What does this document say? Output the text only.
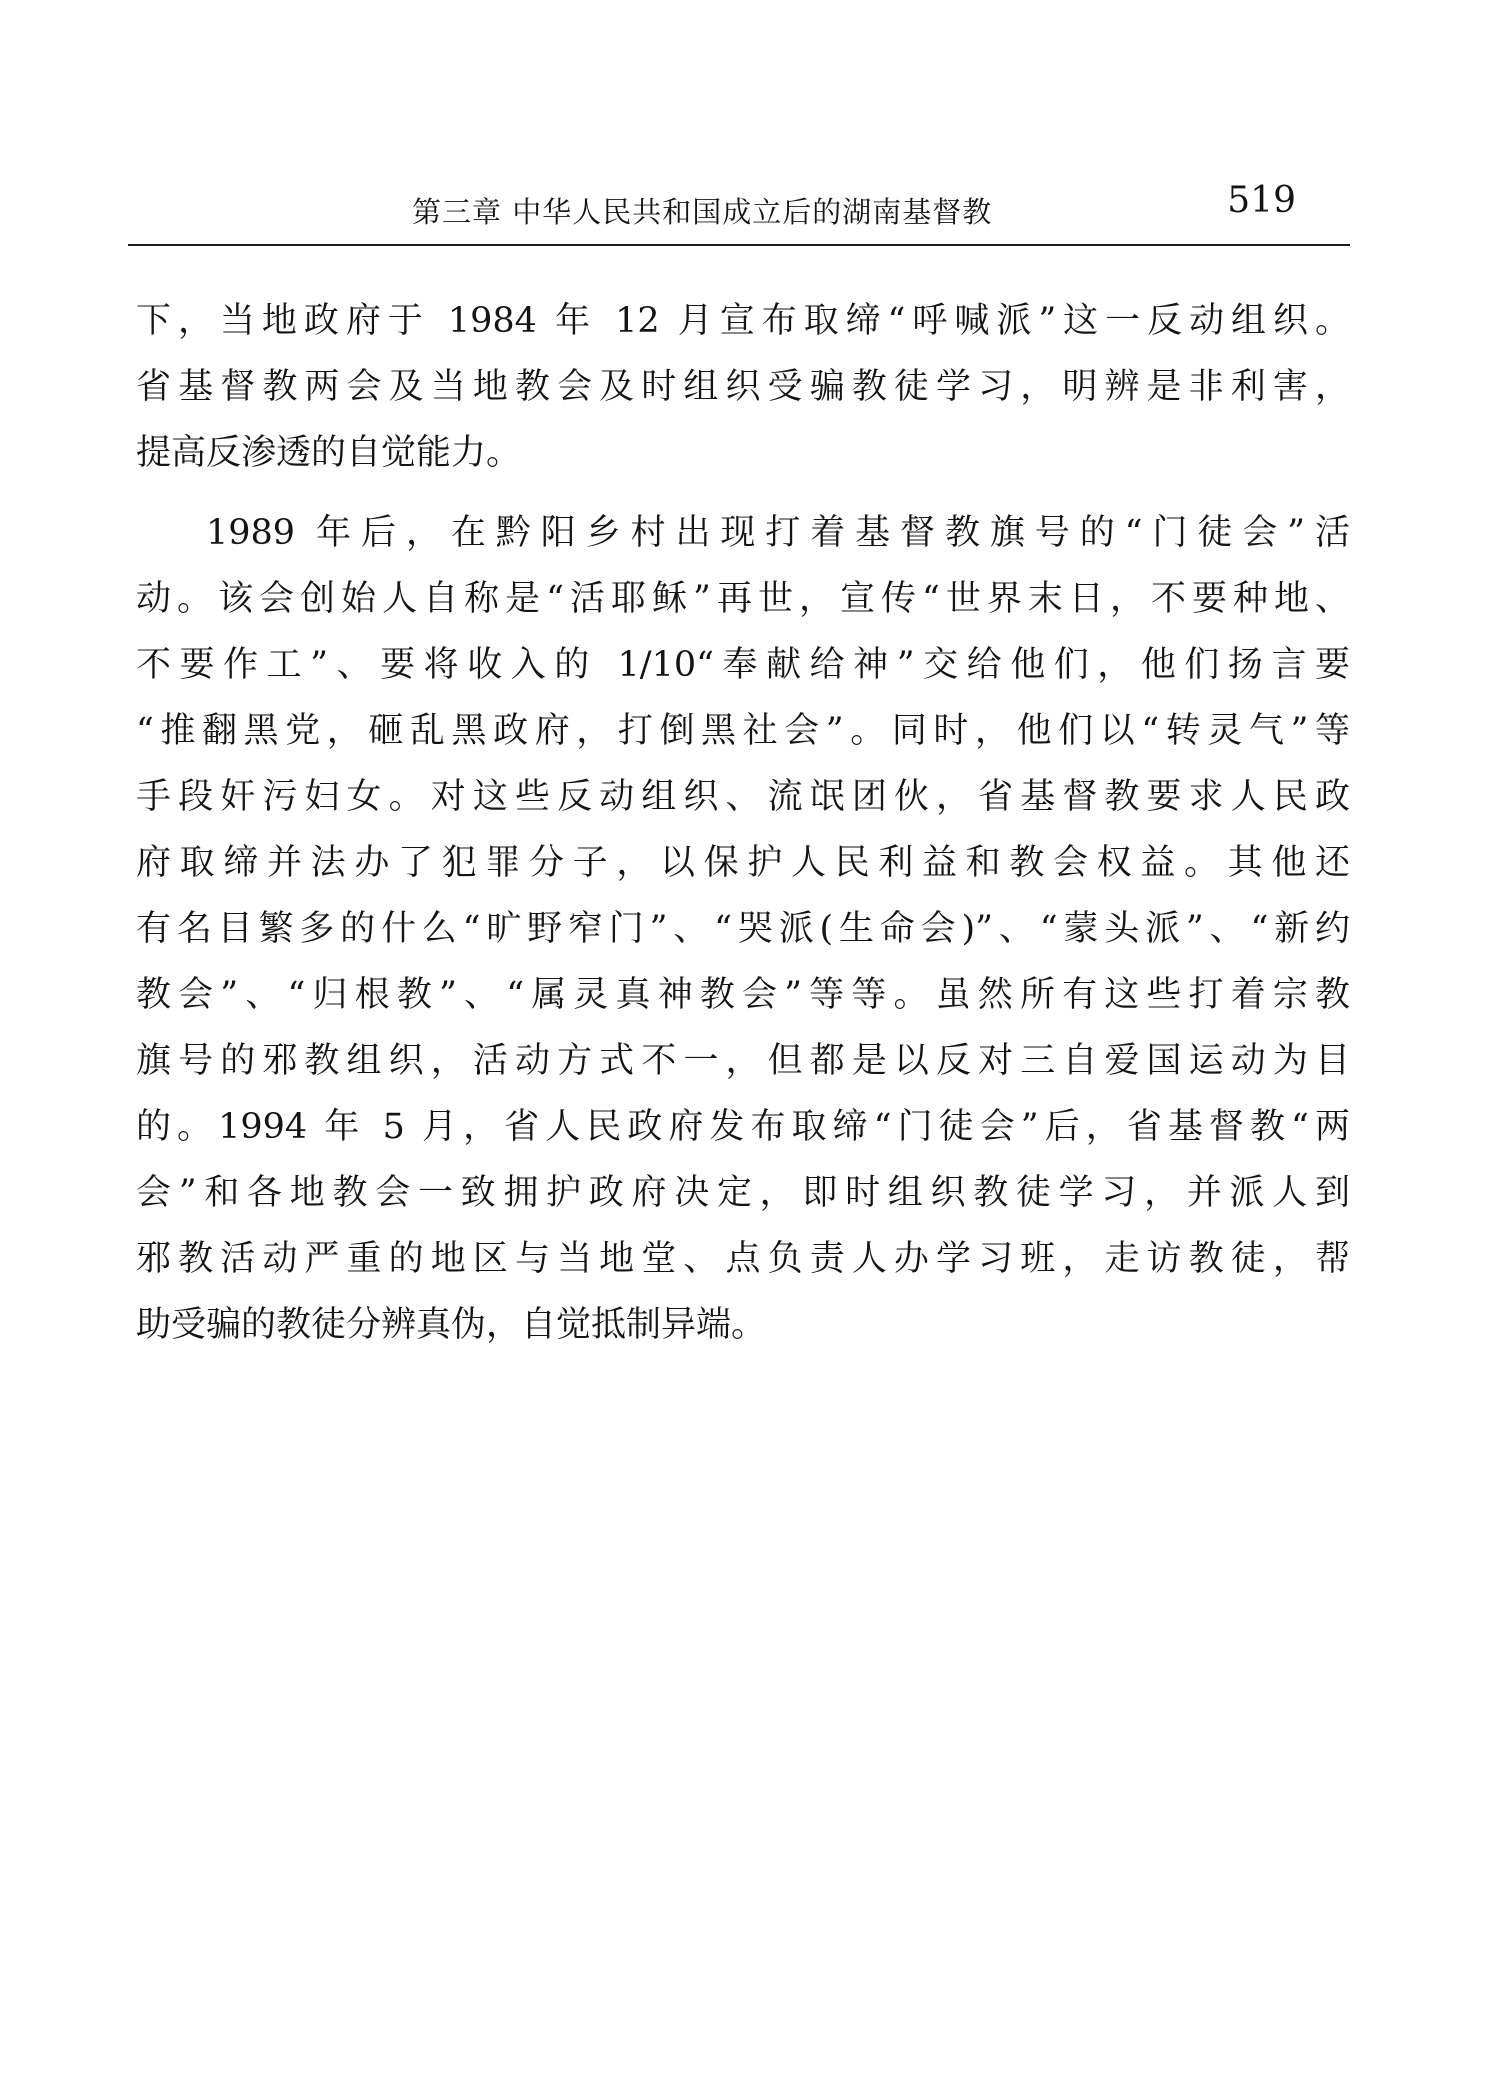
第三章 中华人民共和国成立后的湖南基督教	519
下，当地政府于 1984 年 12 月宣布取缔“呼喊派”这一反动组织。
省基督教两会及当地教会及时组织受骗教徒学习，明辨是非利害，
提高反渗透的自觉能力。
1989 年后，在黔阳乡村出现打着基督教旗号的“门徒会”活
动。该会创始人自称是“活耶稣”再世，宣传“世界末日，不要种地、
不要作工”、要将收入的 1/10“奉献给神”交给他们，他们扬言要
“推翻黑党，砸乱黑政府，打倒黑社会”。同时，他们以“转灵气”等
手段奸污妇女。对这些反动组织、流氓团伙，省基督教要求人民政
府取缔并法办了犯罪分子，以保护人民利益和教会权益。其他还
有名目繁多的什么“旷野窄门”、“哭派(生命会)”、“蒙头派”、“新约
教会”、“归根教”、“属灵真神教会”等等。虽然所有这些打着宗教
旗号的邪教组织，活动方式不一，但都是以反对三自爱国运动为目
的。1994 年 5 月，省人民政府发布取缔“门徒会”后，省基督教“两
会”和各地教会一致拥护政府决定，即时组织教徒学习，并派人到
邪教活动严重的地区与当地堂、点负责人办学习班，走访教徒，帮
助受骗的教徒分辨真伪，自觉抵制异端。
